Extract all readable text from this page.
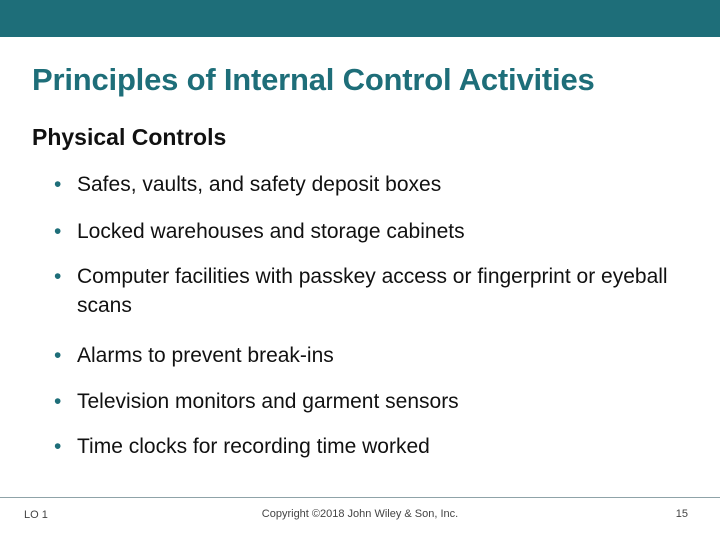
Principles of Internal Control Activities
Physical Controls
• Safes, vaults, and safety deposit boxes
• Locked warehouses and storage cabinets
• Computer facilities with passkey access or fingerprint or eyeball scans
• Alarms to prevent break-ins
• Television monitors and garment sensors
• Time clocks for recording time worked
LO 1	Copyright ©2018 John Wiley & Son, Inc.	15
